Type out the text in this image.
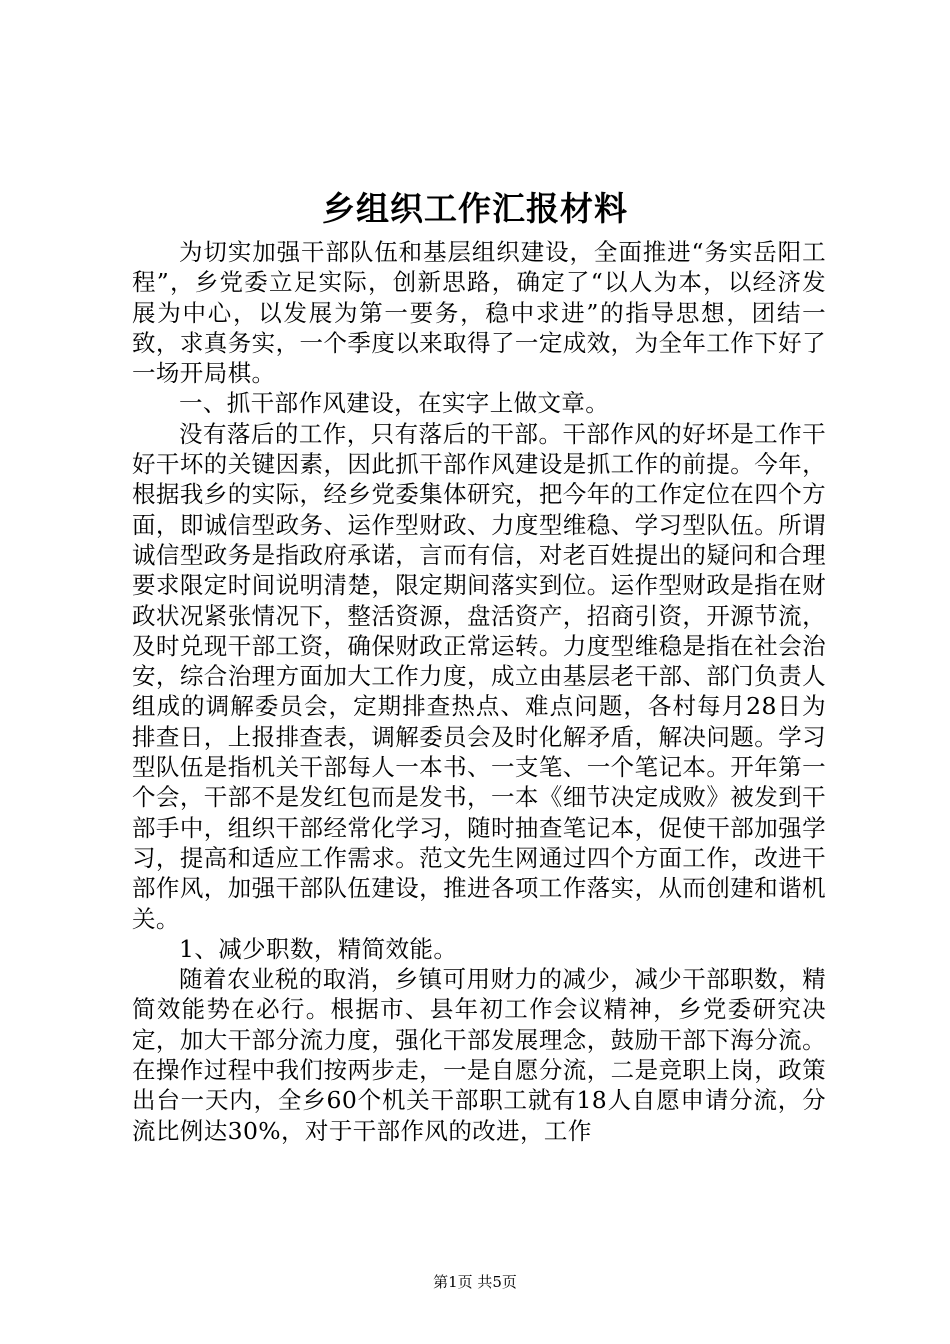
乡组织工作汇报材料

为切实加强干部队伍和基层组织建设，全面推进“务实岳阳工程”，乡党委立足实际，创新思路，确定了“以人为本，以经济发展为中心，以发展为第一要务，稳中求进”的指导思想，团结一致，求真务实，一个季度以来取得了一定成效，为全年工作下好了一场开局棋。

一、抓干部作风建设，在实字上做文章。

没有落后的工作，只有落后的干部。干部作风的好坏是工作干好干坏的关键因素，因此抓干部作风建设是抓工作的前提。今年，根据我乡的实际，经乡党委集体研究，把今年的工作定位在四个方面，即诚信型政务、运作型财政、力度型维稳、学习型队伍。所谓诚信型政务是指政府承诺，言而有信，对老百姓提出的疑问和合理要求限定时间说明清楚，限定期间落实到位。运作型财政是指在财政状况紧张情况下，整活资源，盘活资产，招商引资，开源节流，及时兑现干部工资，确保财政正常运转。力度型维稳是指在社会治安，综合治理方面加大工作力度，成立由基层老干部、部门负责人组成的调解委员会，定期排查热点、难点问题，各村每月28日为排查日，上报排查表，调解委员会及时化解矛盾，解决问题。学习型队伍是指机关干部每人一本书、一支笔、一个笔记本。开年第一个会，干部不是发红包而是发书，一本《细节决定成败》被发到干部手中，组织干部经常化学习，随时抽查笔记本，促使干部加强学习，提高和适应工作需求。范文先生网通过四个方面工作，改进干部作风，加强干部队伍建设，推进各项工作落实，从而创建和谐机关。

1、减少职数，精简效能。

随着农业税的取消，乡镇可用财力的减少，减少干部职数，精简效能势在必行。根据市、县年初工作会议精神，乡党委研究决定，加大干部分流力度，强化干部发展理念，鼓励干部下海分流。在操作过程中我们按两步走，一是自愿分流，二是竞职上岗，政策出台一天内，全乡60个机关干部职工就有18人自愿申请分流，分流比例达30%，对于干部作风的改进，工作

第1页 共5页
